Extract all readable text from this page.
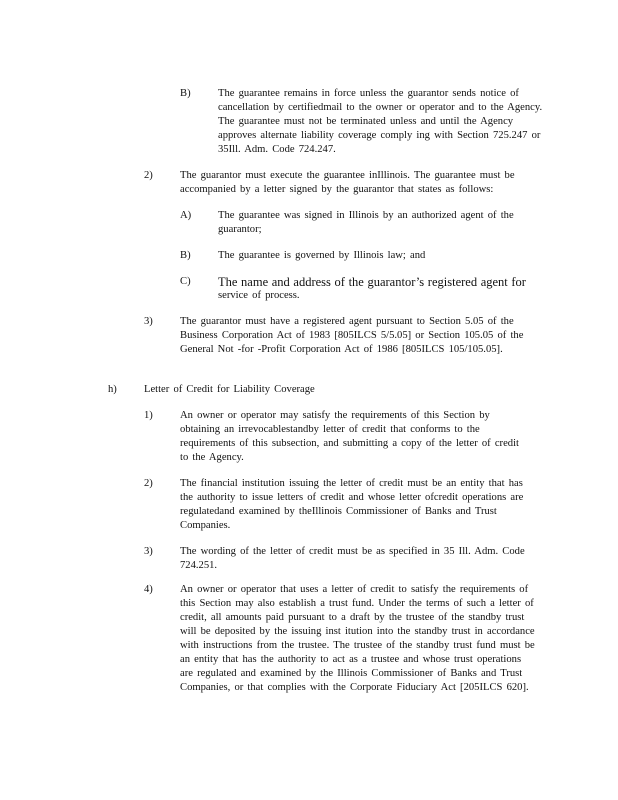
B)	The guarantee remains in force unless the guarantor sends notice of cancellation by certifiedmail to the owner or operator and to the Agency. The guarantee must not be terminated unless and until the Agency approves alternate liability coverage comply ing with Section 725.247 or 35Ill. Adm. Code 724.247.
2)	The guarantor must execute the guarantee inIllinois. The guarantee must be accompanied by a letter signed by the guarantor that states as follows:
A)	The guarantee was signed in Illinois by an authorized agent of the guarantor;
B)	The guarantee is governed by Illinois law; and
C) The name and address of the guarantor’s registered agent for
service of process.
3)	The guarantor must have a registered agent pursuant to Section 5.05 of the Business Corporation Act of 1983 [805ILCS 5/5.05] or Section 105.05 of the General Not -for -Profit Corporation Act of 1986 [805ILCS 105/105.05].
h)	Letter of Credit for Liability Coverage
1)	An owner or operator may satisfy the requirements of this Section by obtaining an irrevocablestandby letter of credit that conforms to the requirements of this subsection, and submitting a copy of the letter of credit to the Agency.
2)	The financial institution issuing the letter of credit must be an entity that has the authority to issue letters of credit and whose letter ofcredit operations are regulatedand examined by theIllinois Commissioner of Banks and Trust Companies.
3)	The wording of the letter of credit must be as specified in 35 Ill. Adm. Code 724.251.
4)	An owner or operator that uses a letter of credit to satisfy the requirements of this Section may also establish a trust fund. Under the terms of such a letter of credit, all amounts paid pursuant to a draft by the trustee of the standby trust will be deposited by the issuing inst itution into the standby trust in accordance with instructions from the trustee. The trustee of the standby trust fund must be an entity that has the authority to act as a trustee and whose trust operations are regulated and examined by the Illinois Commissioner of Banks and Trust Companies, or that complies with the Corporate Fiduciary Act [205ILCS 620].
